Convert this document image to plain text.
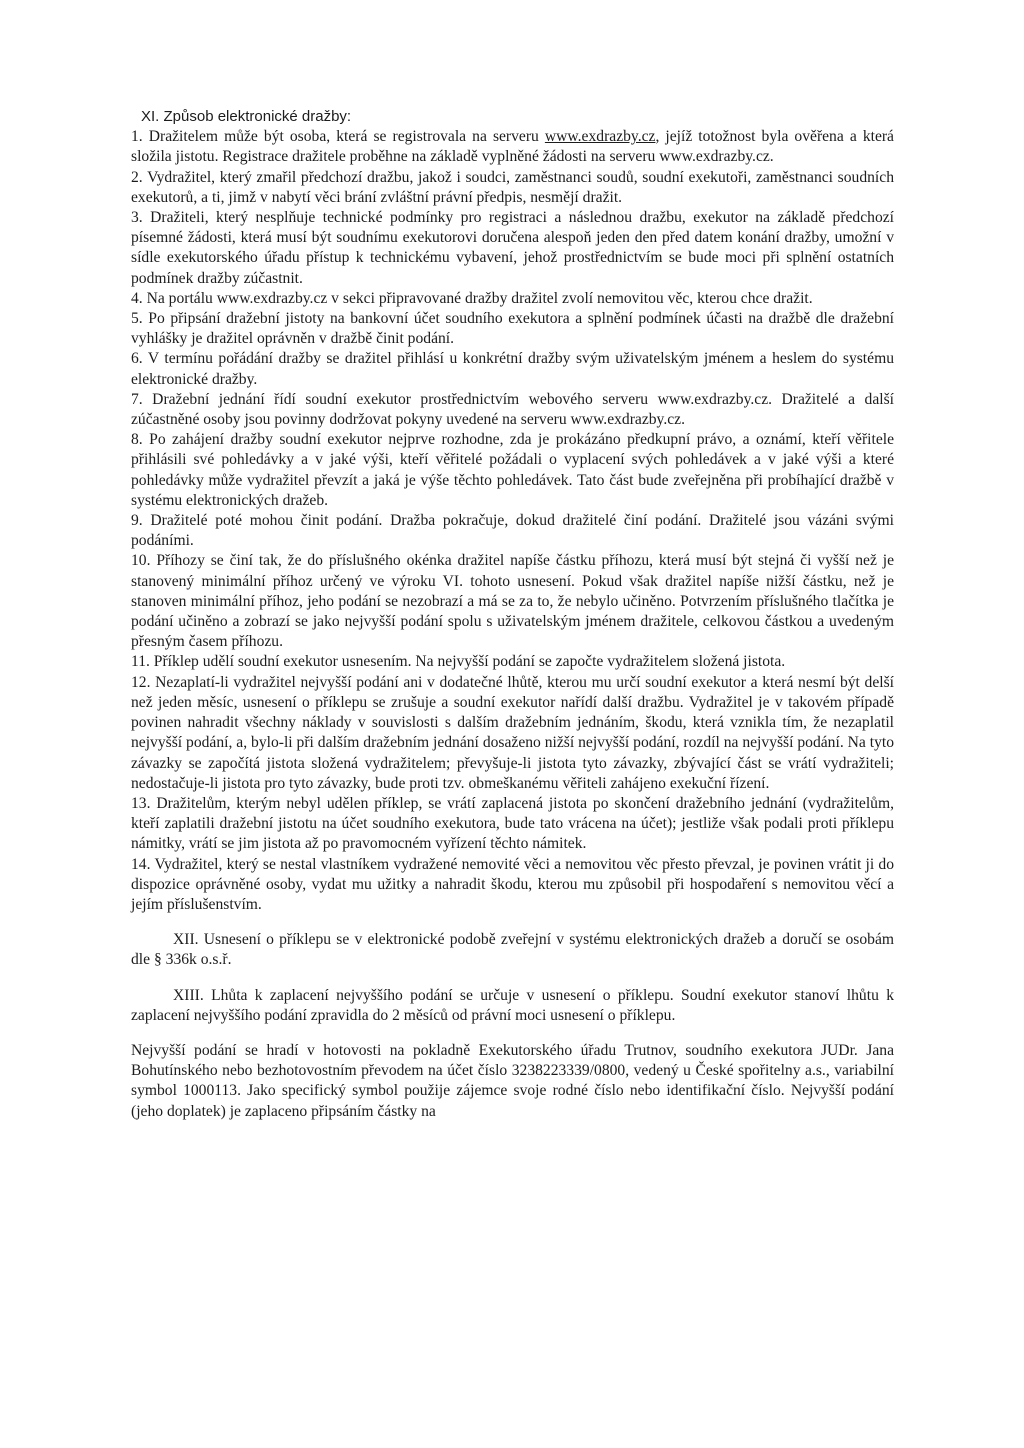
XI. Způsob elektronické dražby:

1. Dražitelem může být osoba, která se registrovala na serveru www.exdrazby.cz, jejíž totožnost byla ověřena a která složila jistotu. Registrace dražitele proběhne na základě vyplněné žádosti na serveru www.exdrazby.cz.

2. Vydražitel, který zmařil předchozí dražbu, jakož i soudci, zaměstnanci soudů, soudní exekutoři, zaměstnanci soudních exekutorů, a ti, jimž v nabytí věci brání zvláštní právní předpis, nesmějí dražit.

3. Dražiteli, který nesplňuje technické podmínky pro registraci a následnou dražbu, exekutor na základě předchozí písemné žádosti, která musí být soudnímu exekutorovi doručena alespoň jeden den před datem konání dražby, umožní v sídle exekutorského úřadu přístup k technickému vybavení, jehož prostřednictvím se bude moci při splnění ostatních podmínek dražby zúčastnit.

4. Na portálu www.exdrazby.cz v sekci připravované dražby dražitel zvolí nemovitou věc, kterou chce dražit.

5. Po připsání dražební jistoty na bankovní účet soudního exekutora a splnění podmínek účasti na dražbě dle dražební vyhlášky je dražitel oprávněn v dražbě činit podání.

6. V termínu pořádání dražby se dražitel přihlásí u konkrétní dražby svým uživatelským jménem a heslem do systému elektronické dražby.

7. Dražební jednání řídí soudní exekutor prostřednictvím webového serveru www.exdrazby.cz. Dražitelé a další zúčastněné osoby jsou povinny dodržovat pokyny uvedené na serveru www.exdrazby.cz.

8. Po zahájení dražby soudní exekutor nejprve rozhodne, zda je prokázáno předkupní právo, a oznámí, kteří věřitele přihlásili své pohledávky a v jaké výši, kteří věřitelé požádali o vyplacení svých pohledávek a v jaké výši a které pohledávky může vydražitel převzít a jaká je výše těchto pohledávek. Tato část bude zveřejněna při probíhající dražbě v systému elektronických dražeb.

9. Dražitelé poté mohou činit podání. Dražba pokračuje, dokud dražitelé činí podání. Dražitelé jsou vázáni svými podáními.

10. Příhozy se činí tak, že do příslušného okénka dražitel napíše částku příhozu, která musí být stejná či vyšší než je stanovený minimální příhoz určený ve výroku VI. tohoto usnesení. Pokud však dražitel napíše nižší částku, než je stanoven minimální příhoz, jeho podání se nezobrazí a má se za to, že nebylo učiněno. Potvrzením příslušného tlačítka je podání učiněno a zobrazí se jako nejvyšší podání spolu s uživatelským jménem dražitele, celkovou částkou a uvedeným přesným časem příhozu.

11. Příklep udělí soudní exekutor usnesením. Na nejvyšší podání se započte vydražitelem složená jistota.

12. Nezaplatí-li vydražitel nejvyšší podání ani v dodatečné lhůtě, kterou mu určí soudní exekutor a která nesmí být delší než jeden měsíc, usnesení o příklepu se zrušuje a soudní exekutor nařídí další dražbu. Vydražitel je v takovém případě povinen nahradit všechny náklady v souvislosti s dalším dražebním jednáním, škodu, která vznikla tím, že nezaplatil nejvyšší podání, a, bylo-li při dalším dražebním jednání dosaženo nižší nejvyšší podání, rozdíl na nejvyšší podání. Na tyto závazky se započítá jistota složená vydražitelem; převyšuje-li jistota tyto závazky, zbývající část se vrátí vydražiteli; nedostačuje-li jistota pro tyto závazky, bude proti tzv. obmeškanému věřiteli zahájeno exekuční řízení.

13. Dražitelům, kterým nebyl udělen příklep, se vrátí zaplacená jistota po skončení dražebního jednání (vydražitelům, kteří zaplatili dražební jistotu na účet soudního exekutora, bude tato vrácena na účet); jestliže však podali proti příklepu námitky, vrátí se jim jistota až po pravomocném vyřízení těchto námitek.

14. Vydražitel, který se nestal vlastníkem vydražené nemovité věci a nemovitou věc přesto převzal, je povinen vrátit ji do dispozice oprávněné osoby, vydat mu užitky a nahradit škodu, kterou mu způsobil při hospodaření s nemovitou věcí a jejím příslušenstvím.

XII. Usnesení o příklepu se v elektronické podobě zveřejní v systému elektronických dražeb a doručí se osobám dle § 336k o.s.ř.

XIII. Lhůta k zaplacení nejvyššího podání se určuje v usnesení o příklepu. Soudní exekutor stanoví lhůtu k zaplacení nejvyššího podání zpravidla do 2 měsíců od právní moci usnesení o příklepu.

Nejvyšší podání se hradí v hotovosti na pokladně Exekutorského úřadu Trutnov, soudního exekutora JUDr. Jana Bohutínského nebo bezhotovostním převodem na účet číslo 3238223339/0800, vedený u České spořitelny a.s., variabilní symbol 1000113. Jako specifický symbol použije zájemce svoje rodné číslo nebo identifikační číslo. Nejvyšší podání (jeho doplatek) je zaplaceno připsáním částky na
